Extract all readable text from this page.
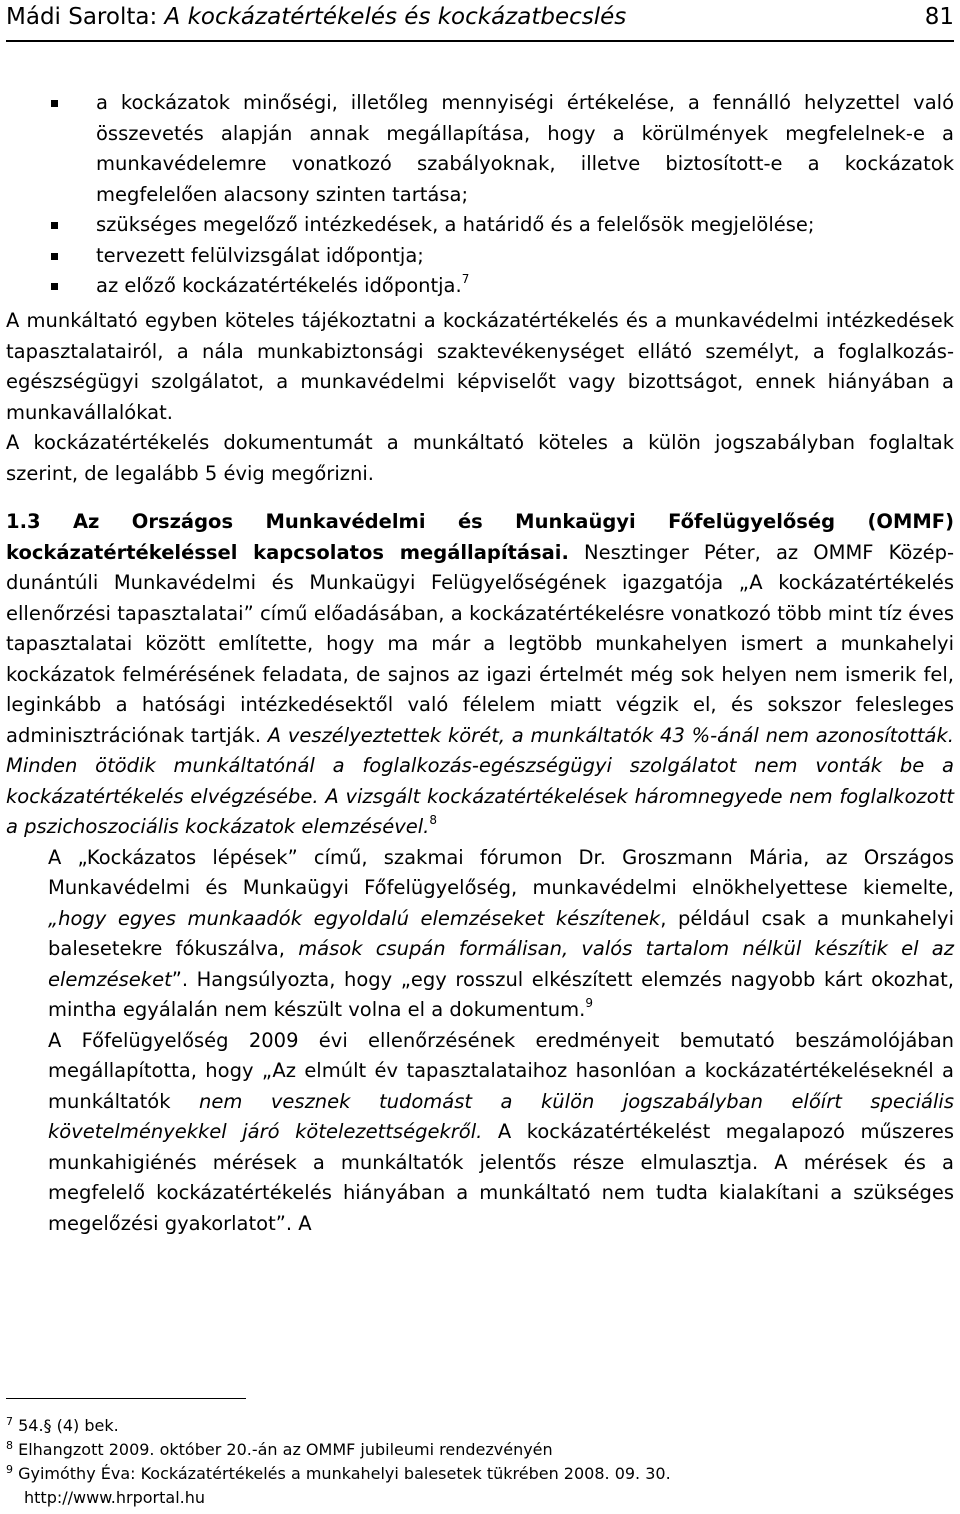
Mádi Sarolta: A kockázatértékelés és kockázatbecslés	81
a kockázatok minőségi, illetőleg mennyiségi értékelése, a fennálló helyzettel való összevetés alapján annak megállapítása, hogy a körülmények megfelelnek-e a munkavédelemre vonatkozó szabályoknak, illetve biztosított-e a kockázatok megfelelően alacsony szinten tartása;
szükséges megelőző intézkedések, a határidő és a felelősök megjelölése;
tervezett felülvizsgálat időpontja;
az előző kockázatértékelés időpontja.$^7$

A munkáltató egyben köteles tájékoztatni a kockázatértékelés és a munkavédelmi intézkedések tapasztalatairól, a nála munkabiztonsági szaktevékenységet ellátó személyt, a foglalkozás-egészségügyi szolgálatot, a munkavédelmi képviselőt vagy bizottságot, ennek hiányában a munkavállalókat.

A kockázatértékelés dokumentumát a munkáltató köteles a külön jogszabályban foglaltak szerint, de legalább 5 évig megőrizni.

1.3 Az Országos Munkavédelmi és Munkaügyi Főfelügyelőség (OMMF) kockázatértékeléssel kapcsolatos megállapításai. Nesztinger Péter, az OMMF Közép-dunántúli Munkavédelmi és Munkaügyi Felügyelőségének igazgatója „A kockázatértékelés ellenőrzési tapasztalatai” című előadásában, a kockázatértékelésre vonatkozó több mint tíz éves tapasztalatai között említette, hogy ma már a legtöbb munkahelyen ismert a munkahelyi kockázatok felmérésének feladata, de sajnos az igazi értelmét még sok helyen nem ismerik fel, leginkább a hatósági intézkedésektől való félelem miatt végzik el, és sokszor felesleges adminisztrációnak tartják. A veszélyeztettek körét, a munkáltatók 43 %-ánál nem azonosították. Minden ötödik munkáltatónál a foglalkozás-egészségügyi szolgálatot nem vonták be a kockázatértékelés elvégzésébe. A vizsgált kockázatértékelések háromnegyede nem foglalkozott a pszichoszociális kockázatok elemzésével.$^8$

A „Kockázatos lépések” című, szakmai fórumon Dr. Groszmann Mária, az Országos Munkavédelmi és Munkaügyi Főfelügyelőség, munkavédelmi elnökhelyettese kiemelte, „hogy egyes munkaadók egyoldalú elemzéseket készítenek, például csak a munkahelyi balesetekre fókuszálva, mások csupán formálisan, valós tartalom nélkül készítik el az elemzéseket”. Hangsúlyozta, hogy „egy rosszul elkészített elemzés nagyobb kárt okozhat, mintha egyálalán nem készült volna el a dokumentum.$^9$

A Főfelügyelőség 2009 évi ellenőrzésének eredményeit bemutató beszámolójában megállapította, hogy „Az elmúlt év tapasztalataihoz hasonlóan a kockázatértékeléseknél a munkáltatók nem vesznek tudomást a külön jogszabályban előírt speciális követelményekkel járó kötelezettségekről. A kockázatértékelést megalapozó műszeres munkahigiénés mérések a munkáltatók jelentős része elmulasztja. A mérések és a megfelelő kockázatértékelés hiányában a munkáltató nem tudta kialakítani a szükséges megelőzési gyakorlatot”. A

$^7$ 54.§ (4) bek.

$^8$ Elhangzott 2009. október 20.-án az OMMF jubileumi rendezvényén

$^9$ Gyimóthy Éva: Kockázatértékelés a munkahelyi balesetek tükrében 2008. 09. 30.

http://www.hrportal.hu
